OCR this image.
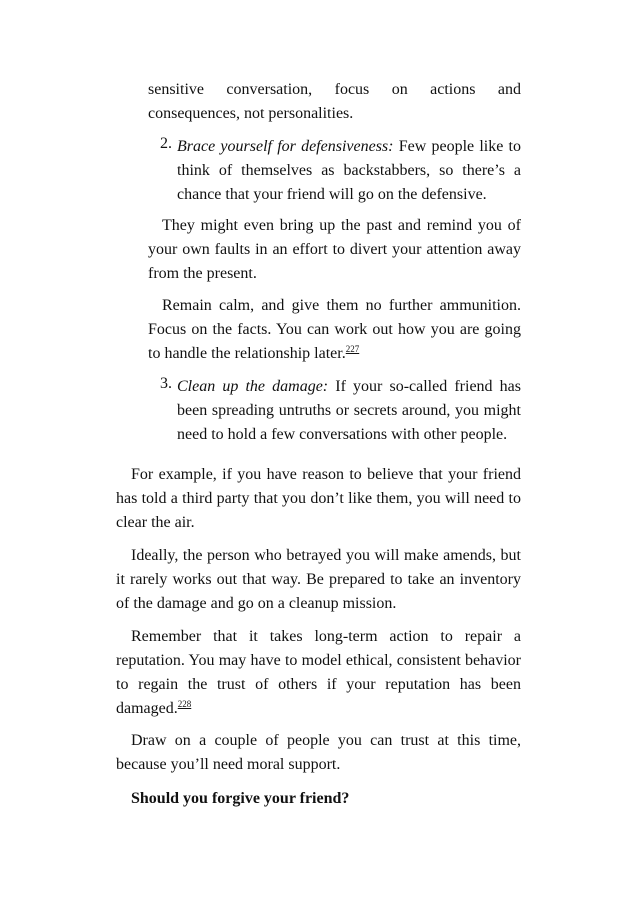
sensitive conversation, focus on actions and consequences, not personalities.

2. Brace yourself for defensiveness: Few people like to think of themselves as backstabbers, so there’s a chance that your friend will go on the defensive.

They might even bring up the past and remind you of your own faults in an effort to divert your attention away from the present.

Remain calm, and give them no further ammunition. Focus on the facts. You can work out how you are going to handle the relationship later.$^{227}$

3. Clean up the damage: If your so-called friend has been spreading untruths or secrets around, you might need to hold a few conversations with other people.

For example, if you have reason to believe that your friend has told a third party that you don’t like them, you will need to clear the air.

Ideally, the person who betrayed you will make amends, but it rarely works out that way. Be prepared to take an inventory of the damage and go on a cleanup mission.

Remember that it takes long-term action to repair a reputation. You may have to model ethical, consistent behavior to regain the trust of others if your reputation has been damaged.$^{228}$

Draw on a couple of people you can trust at this time, because you’ll need moral support.

Should you forgive your friend?
